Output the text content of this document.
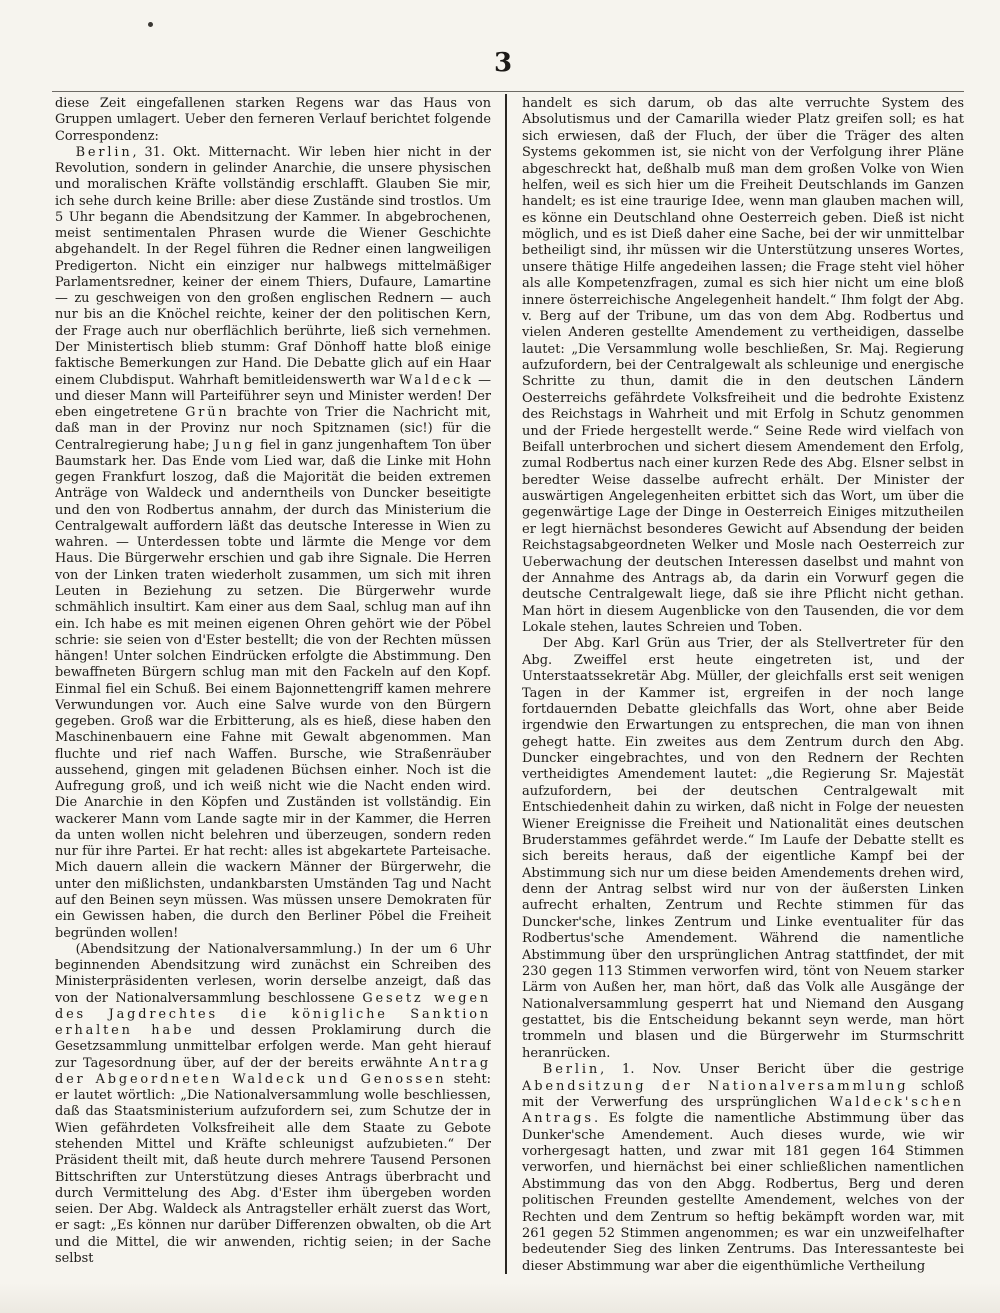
3

diese Zeit eingefallenen starken Regens war das Haus von Gruppen umlagert. Ueber den ferneren Verlauf berichtet folgende Correspondenz:

Berlin, 31. Okt. Mitternacht. Wir leben hier nicht in der Revolution, sondern in gelinder Anarchie, die unsere physischen und moralischen Kräfte vollständig erschlafft. Glauben Sie mir, ich sehe durch keine Brille: aber diese Zustände sind trostlos. Um 5 Uhr begann die Abendsitzung der Kammer. In abgebrochenen, meist sentimentalen Phrasen wurde die Wiener Geschichte abgehandelt. In der Regel führen die Redner einen langweiligen Predigerton. Nicht ein einziger nur halbwegs mittelmäßiger Parlamentsredner, keiner der einem Thiers, Dufaure, Lamartine — zu geschweigen von den großen englischen Rednern — auch nur bis an die Knöchel reichte, keiner der den politischen Kern, der Frage auch nur oberflächlich berührte, ließ sich vernehmen. Der Ministertisch blieb stumm: Graf Dönhoff hatte bloß einige faktische Bemerkungen zur Hand. Die Debatte glich auf ein Haar einem Clubdisput. Wahrhaft bemitleidenswerth war Waldeck — und dieser Mann will Parteiführer seyn und Minister werden! Der eben eingetretene Grün brachte von Trier die Nachricht mit, daß man in der Provinz nur noch Spitznamen (sic!) für die Centralregierung habe; Jung fiel in ganz jungenhaftem Ton über Baumstark her. Das Ende vom Lied war, daß die Linke mit Hohn gegen Frankfurt loszog, daß die Majorität die beiden extremen Anträge von Waldeck und anderntheils von Duncker beseitigte und den von Rodbertus annahm, der durch das Ministerium die Centralgewalt auffordern läßt das deutsche Interesse in Wien zu wahren. — Unterdessen tobte und lärmte die Menge vor dem Haus. Die Bürgerwehr erschien und gab ihre Signale. Die Herren von der Linken traten wiederholt zusammen, um sich mit ihren Leuten in Beziehung zu setzen. Die Bürgerwehr wurde schmählich insultirt. Kam einer aus dem Saal, schlug man auf ihn ein. Ich habe es mit meinen eigenen Ohren gehört wie der Pöbel schrie: sie seien von d'Ester bestellt; die von der Rechten müssen hängen! Unter solchen Eindrücken erfolgte die Abstimmung. Den bewaffneten Bürgern schlug man mit den Fackeln auf den Kopf. Einmal fiel ein Schuß. Bei einem Bajonnettengriff kamen mehrere Verwundungen vor. Auch eine Salve wurde von den Bürgern gegeben. Groß war die Erbitterung, als es hieß, diese haben den Maschinenbauern eine Fahne mit Gewalt abgenommen. Man fluchte und rief nach Waffen. Bursche, wie Straßenräuber aussehend, gingen mit geladenen Büchsen einher. Noch ist die Aufregung groß, und ich weiß nicht wie die Nacht enden wird. Die Anarchie in den Köpfen und Zuständen ist vollständig. Ein wackerer Mann vom Lande sagte mir in der Kammer, die Herren da unten wollen nicht belehren und überzeugen, sondern reden nur für ihre Partei. Er hat recht: alles ist abgekartete Parteisache. Mich dauern allein die wackern Männer der Bürgerwehr, die unter den mißlichsten, undankbarsten Umständen Tag und Nacht auf den Beinen seyn müssen. Was müssen unsere Demokraten für ein Gewissen haben, die durch den Berliner Pöbel die Freiheit begründen wollen!

(Abendsitzung der Nationalversammlung.) In der um 6 Uhr beginnenden Abendsitzung wird zunächst ein Schreiben des Ministerpräsidenten verlesen, worin derselbe anzeigt, daß das von der Nationalversammlung beschlossene Gesetz wegen des Jagdrechtes die königliche Sanktion erhalten habe und dessen Proklamirung durch die Gesetzsammlung unmittelbar erfolgen werde. Man geht hierauf zur Tagesordnung über, auf der der bereits erwähnte Antrag der Abgeordneten Waldeck und Genossen steht: er lautet wörtlich: „Die Nationalversammlung wolle beschliessen, daß das Staatsministerium aufzufordern sei, zum Schutze der in Wien gefährdeten Volksfreiheit alle dem Staate zu Gebote stehenden Mittel und Kräfte schleunigst aufzubieten.“ Der Präsident theilt mit, daß heute durch mehrere Tausend Personen Bittschriften zur Unterstützung dieses Antrags überbracht und durch Vermittelung des Abg. d'Ester ihm übergeben worden seien. Der Abg. Waldeck als Antragsteller erhält zuerst das Wort, er sagt: „Es können nur darüber Differenzen obwalten, ob die Art und die Mittel, die wir anwenden, richtig seien; in der Sache selbst

handelt es sich darum, ob das alte verruchte System des Absolutismus und der Camarilla wieder Platz greifen soll; es hat sich erwiesen, daß der Fluch, der über die Träger des alten Systems gekommen ist, sie nicht von der Verfolgung ihrer Pläne abgeschreckt hat, deßhalb muß man dem großen Volke von Wien helfen, weil es sich hier um die Freiheit Deutschlands im Ganzen handelt; es ist eine traurige Idee, wenn man glauben machen will, es könne ein Deutschland ohne Oesterreich geben. Dieß ist nicht möglich, und es ist Dieß daher eine Sache, bei der wir unmittelbar betheiligt sind, ihr müssen wir die Unterstützung unseres Wortes, unsere thätige Hilfe angedeihen lassen; die Frage steht viel höher als alle Kompetenzfragen, zumal es sich hier nicht um eine bloß innere österreichische Angelegenheit handelt.“ Ihm folgt der Abg. v. Berg auf der Tribune, um das von dem Abg. Rodbertus und vielen Anderen gestellte Amendement zu vertheidigen, dasselbe lautet: „Die Versammlung wolle beschließen, Sr. Maj. Regierung aufzufordern, bei der Centralgewalt als schleunige und energische Schritte zu thun, damit die in den deutschen Ländern Oesterreichs gefährdete Volksfreiheit und die bedrohte Existenz des Reichstags in Wahrheit und mit Erfolg in Schutz genommen und der Friede hergestellt werde.“ Seine Rede wird vielfach von Beifall unterbrochen und sichert diesem Amendement den Erfolg, zumal Rodbertus nach einer kurzen Rede des Abg. Elsner selbst in beredter Weise dasselbe aufrecht erhält. Der Minister der auswärtigen Angelegenheiten erbittet sich das Wort, um über die gegenwärtige Lage der Dinge in Oesterreich Einiges mitzutheilen er legt hiernächst besonderes Gewicht auf Absendung der beiden Reichstagsabgeordneten Welker und Mosle nach Oesterreich zur Ueberwachung der deutschen Interessen daselbst und mahnt von der Annahme des Antrags ab, da darin ein Vorwurf gegen die deutsche Centralgewalt liege, daß sie ihre Pflicht nicht gethan. Man hört in diesem Augenblicke von den Tausenden, die vor dem Lokale stehen, lautes Schreien und Toben.

Der Abg. Karl Grün aus Trier, der als Stellvertreter für den Abg. Zweiffel erst heute eingetreten ist, und der Unterstaatssekretär Abg. Müller, der gleichfalls erst seit wenigen Tagen in der Kammer ist, ergreifen in der noch lange fortdauernden Debatte gleichfalls das Wort, ohne aber Beide irgendwie den Erwartungen zu entsprechen, die man von ihnen gehegt hatte. Ein zweites aus dem Zentrum durch den Abg. Duncker eingebrachtes, und von den Rednern der Rechten vertheidigtes Amendement lautet: „die Regierung Sr. Majestät aufzufordern, bei der deutschen Centralgewalt mit Entschiedenheit dahin zu wirken, daß nicht in Folge der neuesten Wiener Ereignisse die Freiheit und Nationalität eines deutschen Bruderstammes gefährdet werde.“ Im Laufe der Debatte stellt es sich bereits heraus, daß der eigentliche Kampf bei der Abstimmung sich nur um diese beiden Amendements drehen wird, denn der Antrag selbst wird nur von der äußersten Linken aufrecht erhalten, Zentrum und Rechte stimmen für das Duncker'sche, linkes Zentrum und Linke eventualiter für das Rodbertus'sche Amendement. Während die namentliche Abstimmung über den ursprünglichen Antrag stattfindet, der mit 230 gegen 113 Stimmen verworfen wird, tönt von Neuem starker Lärm von Außen her, man hört, daß das Volk alle Ausgänge der Nationalversammlung gesperrt hat und Niemand den Ausgang gestattet, bis die Entscheidung bekannt seyn werde, man hört trommeln und blasen und die Bürgerwehr im Sturmschritt heranrücken.

Berlin, 1. Nov. Unser Bericht über die gestrige Abendsitzung der Nationalversammlung schloß mit der Verwerfung des ursprünglichen Waldeck'schen Antrags. Es folgte die namentliche Abstimmung über das Dunker'sche Amendement. Auch dieses wurde, wie wir vorhergesagt hatten, und zwar mit 181 gegen 164 Stimmen verworfen, und hiernächst bei einer schließlichen namentlichen Abstimmung das von den Abgg. Rodbertus, Berg und deren politischen Freunden gestellte Amendement, welches von der Rechten und dem Zentrum so heftig bekämpft worden war, mit 261 gegen 52 Stimmen angenommen; es war ein unzweifelhafter bedeutender Sieg des linken Zentrums. Das Interessanteste bei dieser Abstimmung war aber die eigenthümliche Vertheilung
